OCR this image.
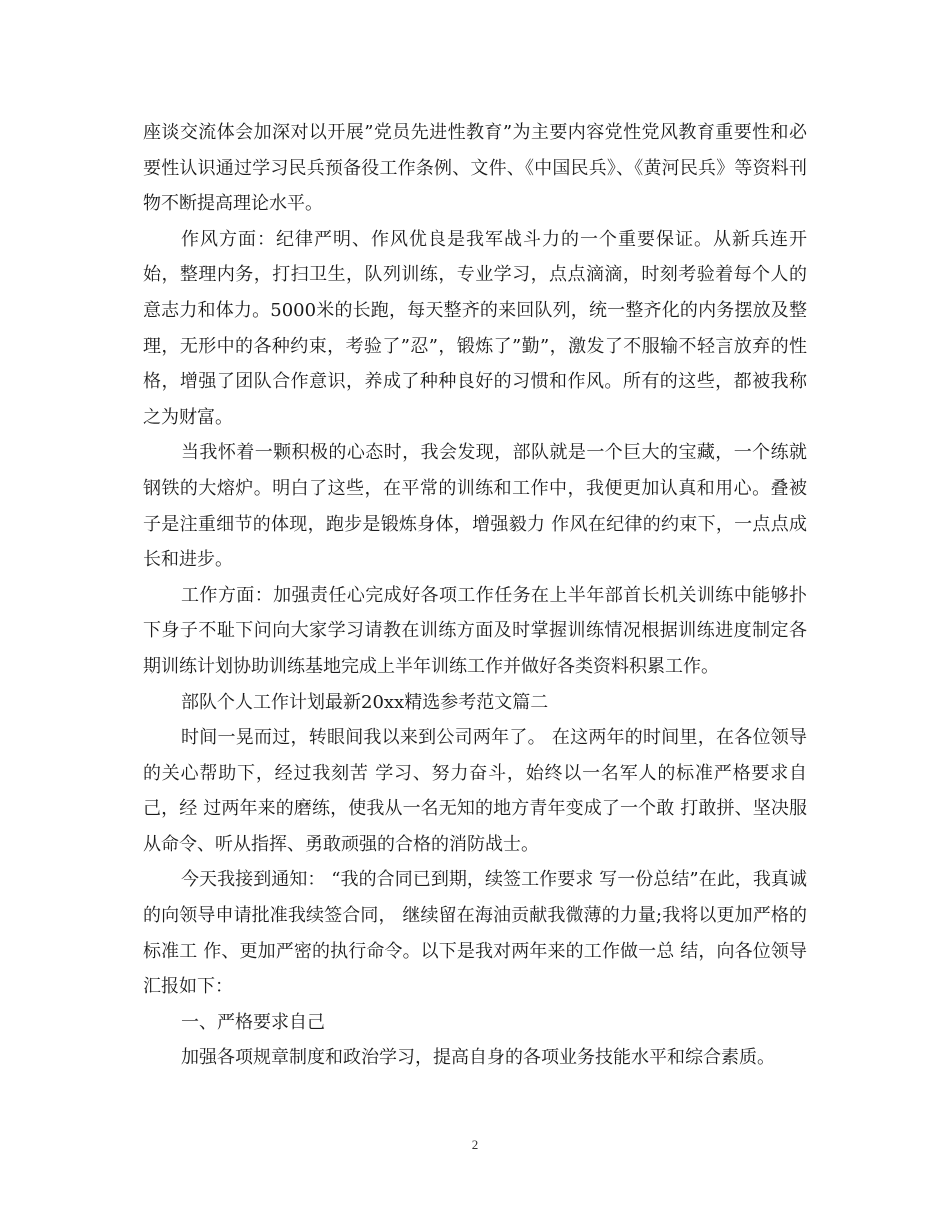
座谈交流体会加深对以开展”党员先进性教育”为主要内容党性党风教育重要性和必要性认识通过学习民兵预备役工作条例、文件、《中国民兵》、《黄河民兵》等资料刊物不断提高理论水平。

作风方面：纪律严明、作风优良是我军战斗力的一个重要保证。从新兵连开始，整理内务，打扫卫生，队列训练，专业学习，点点滴滴，时刻考验着每个人的意志力和体力。5000米的长跑，每天整齐的来回队列，统一整齐化的内务摆放及整理，无形中的各种约束，考验了”忍”，锻炼了”勤”，激发了不服输不轻言放弃的性格，增强了团队合作意识，养成了种种良好的习惯和作风。所有的这些，都被我称之为财富。

当我怀着一颗积极的心态时，我会发现，部队就是一个巨大的宝藏，一个练就钢铁的大熔炉。明白了这些，在平常的训练和工作中，我便更加认真和用心。叠被子是注重细节的体现，跑步是锻炼身体，增强毅力 作风在纪律的约束下，一点点成长和进步。

工作方面：加强责任心完成好各项工作任务在上半年部首长机关训练中能够扑下身子不耻下问向大家学习请教在训练方面及时掌握训练情况根据训练进度制定各期训练计划协助训练基地完成上半年训练工作并做好各类资料积累工作。

部队个人工作计划最新20xx精选参考范文篇二

时间一晃而过，转眼间我以来到公司两年了。 在这两年的时间里，在各位领导的关心帮助下，经过我刻苦 学习、努力奋斗，始终以一名军人的标准严格要求自己，经 过两年来的磨练，使我从一名无知的地方青年变成了一个敢 打敢拼、坚决服从命令、听从指挥、勇敢顽强的合格的消防战士。

今天我接到通知： “我的合同已到期，续签工作要求 写一份总结”在此，我真诚的向领导申请批准我续签合同， 继续留在海油贡献我微薄的力量;我将以更加严格的标准工 作、更加严密的执行命令。以下是我对两年来的工作做一总 结，向各位领导汇报如下：

一、严格要求自己

加强各项规章制度和政治学习，提高自身的各项业务技能水平和综合素质。

2
